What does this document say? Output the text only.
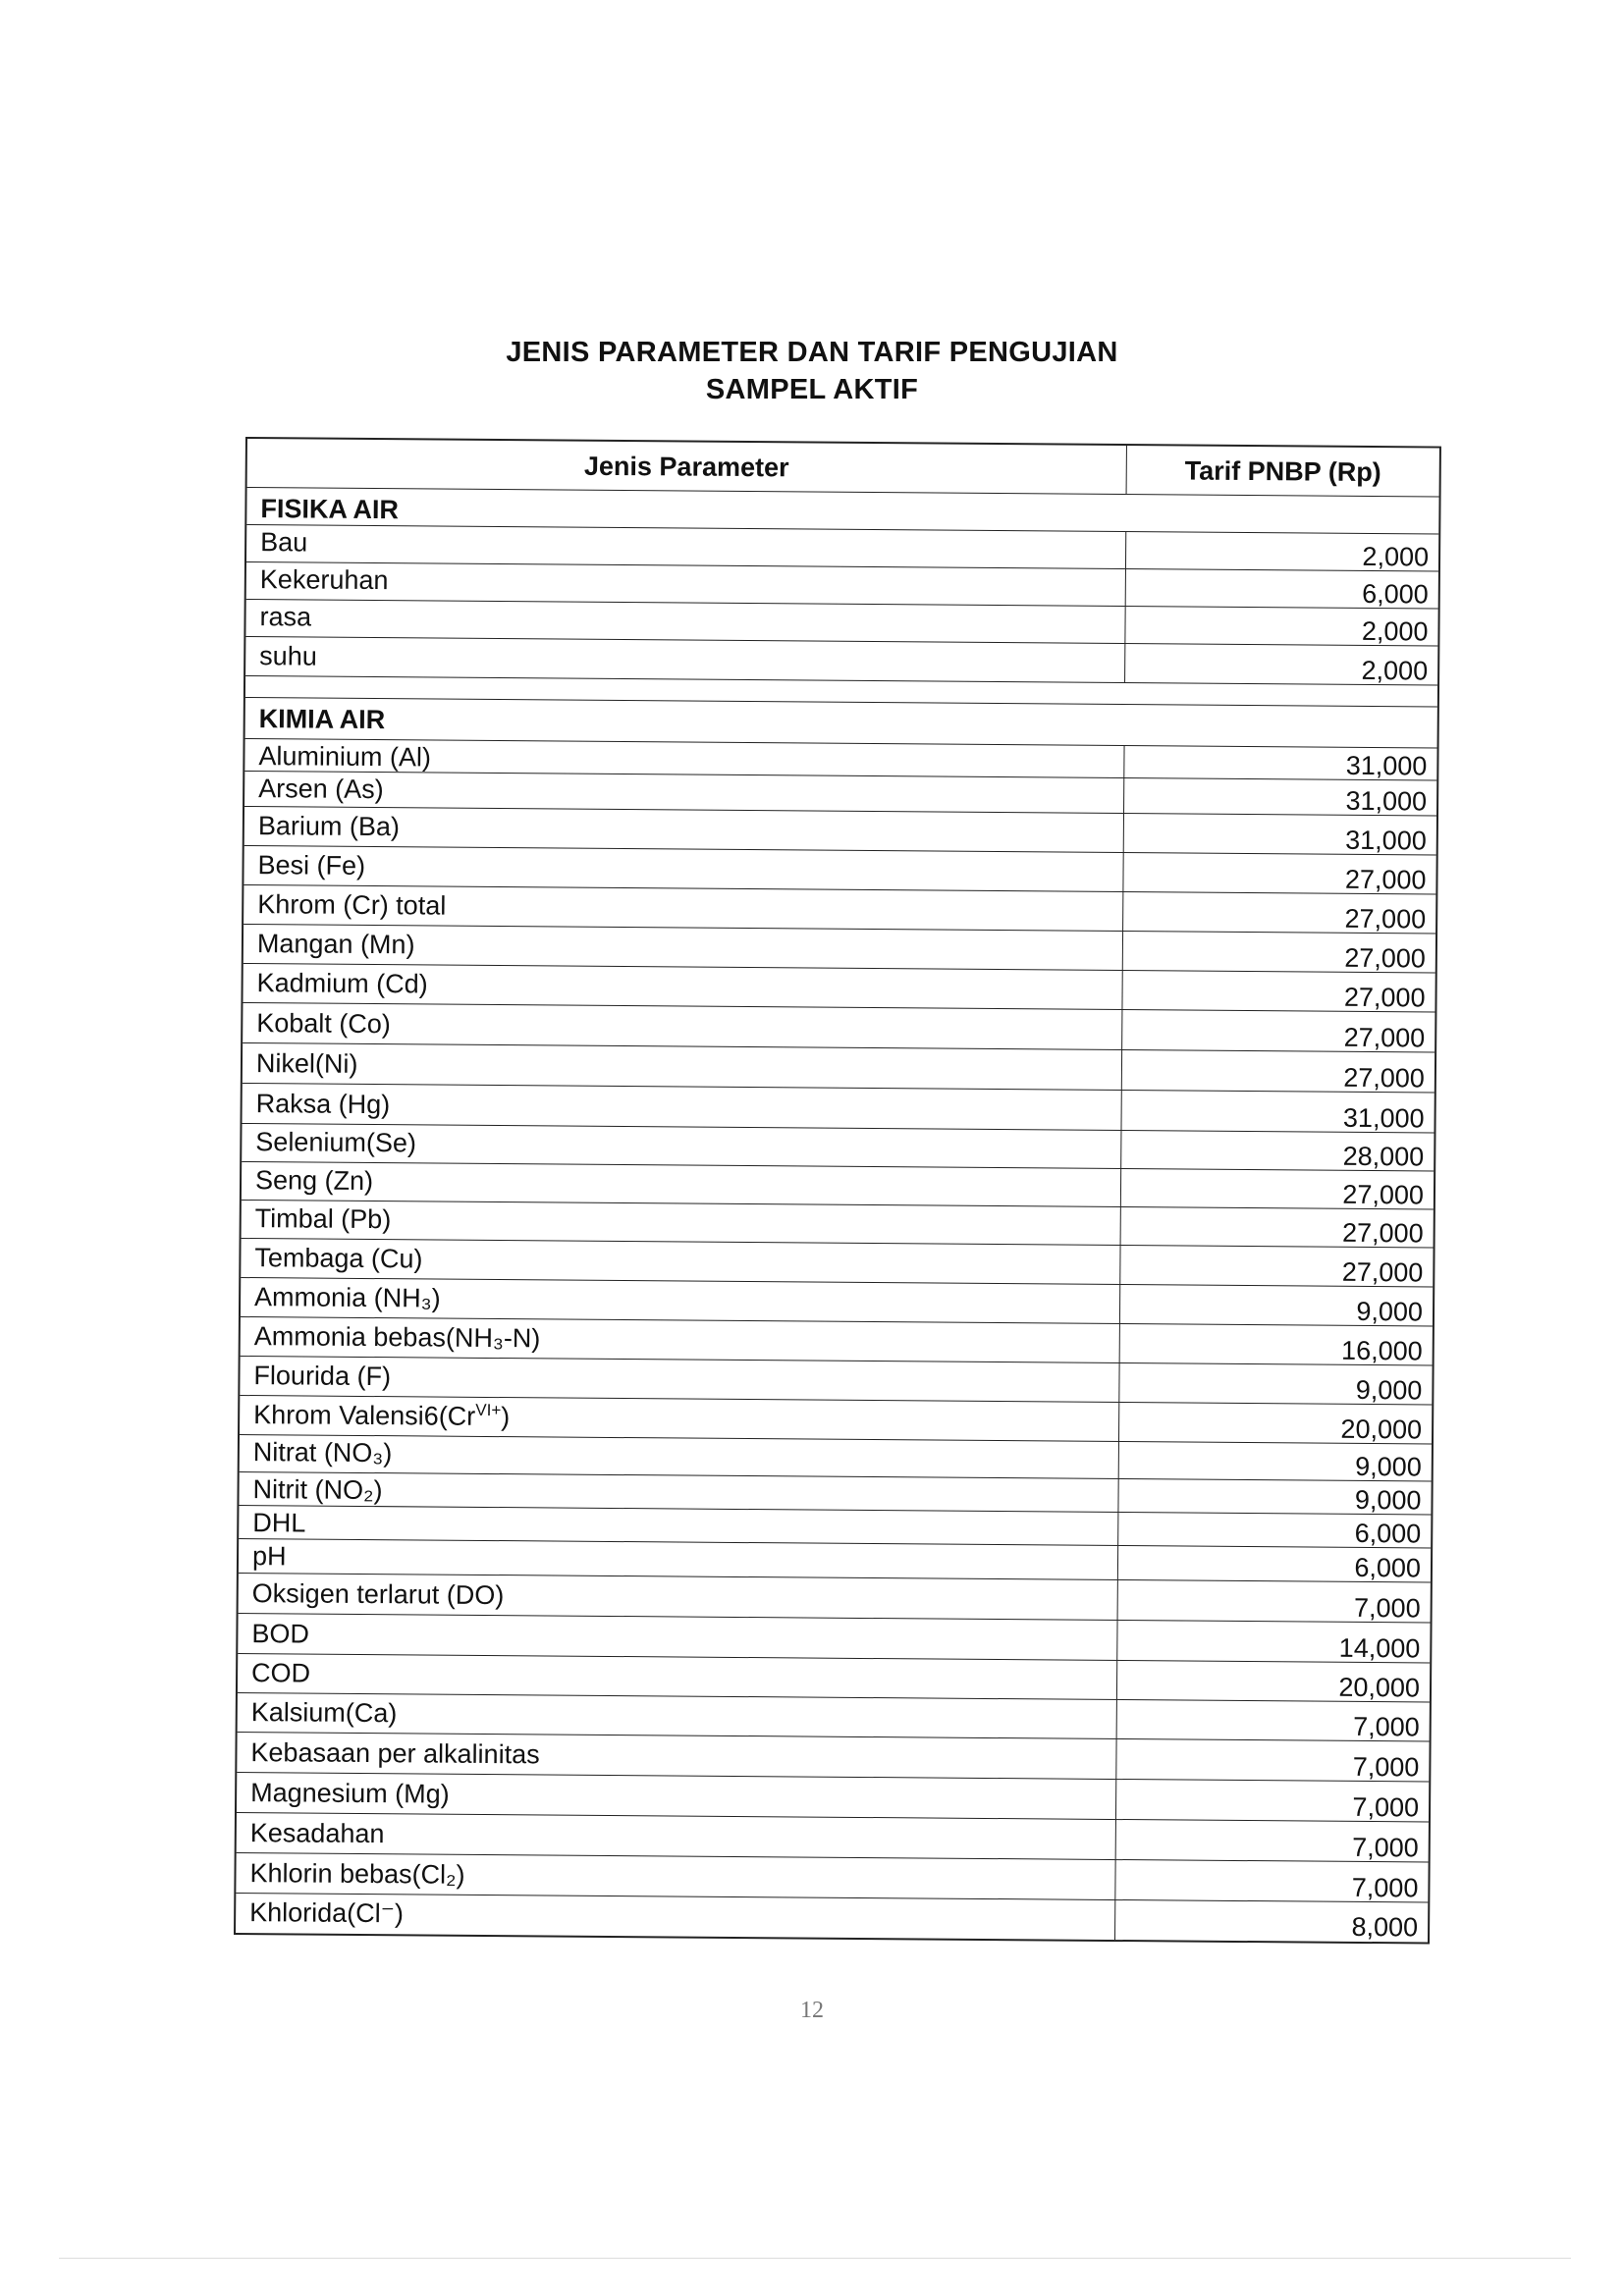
JENIS PARAMETER DAN TARIF PENGUJIAN
SAMPEL AKTIF
Jenis Parameter	Tarif PNBP (Rp)
FISIKA AIR
Bau	2,000
Kekeruhan	6,000
rasa	2,000
suhu	2,000
KIMIA AIR
Aluminium (Al)	31,000
Arsen (As)	31,000
Barium (Ba)	31,000
Besi (Fe)	27,000
Khrom (Cr) total	27,000
Mangan (Mn)	27,000
Kadmium (Cd)	27,000
Kobalt (Co)	27,000
Nikel(Ni)	27,000
Raksa (Hg)	31,000
Selenium(Se)	28,000
Seng (Zn)	27,000
Timbal (Pb)	27,000
Tembaga (Cu)	27,000
Ammonia (NH₃)	9,000
Ammonia bebas(NH₃-N)	16,000
Flourida (F)	9,000
Khrom $Valensi6(Cr^{VI+})$	20,000
Nitrat (NO₃)	9,000
Nitrit (NO₂)	9,000
DHL	6,000
pH	6,000
Oksigen terlarut (DO)	7,000
BOD	14,000
COD	20,000
Kalsium(Ca)	7,000
Kebasaan per alkalinitas	7,000
Magnesium (Mg)	7,000
Kesadahan	7,000
Khlorin bebas(Cl₂)	7,000
Khlorida(Cl⁻)	8,000
12
